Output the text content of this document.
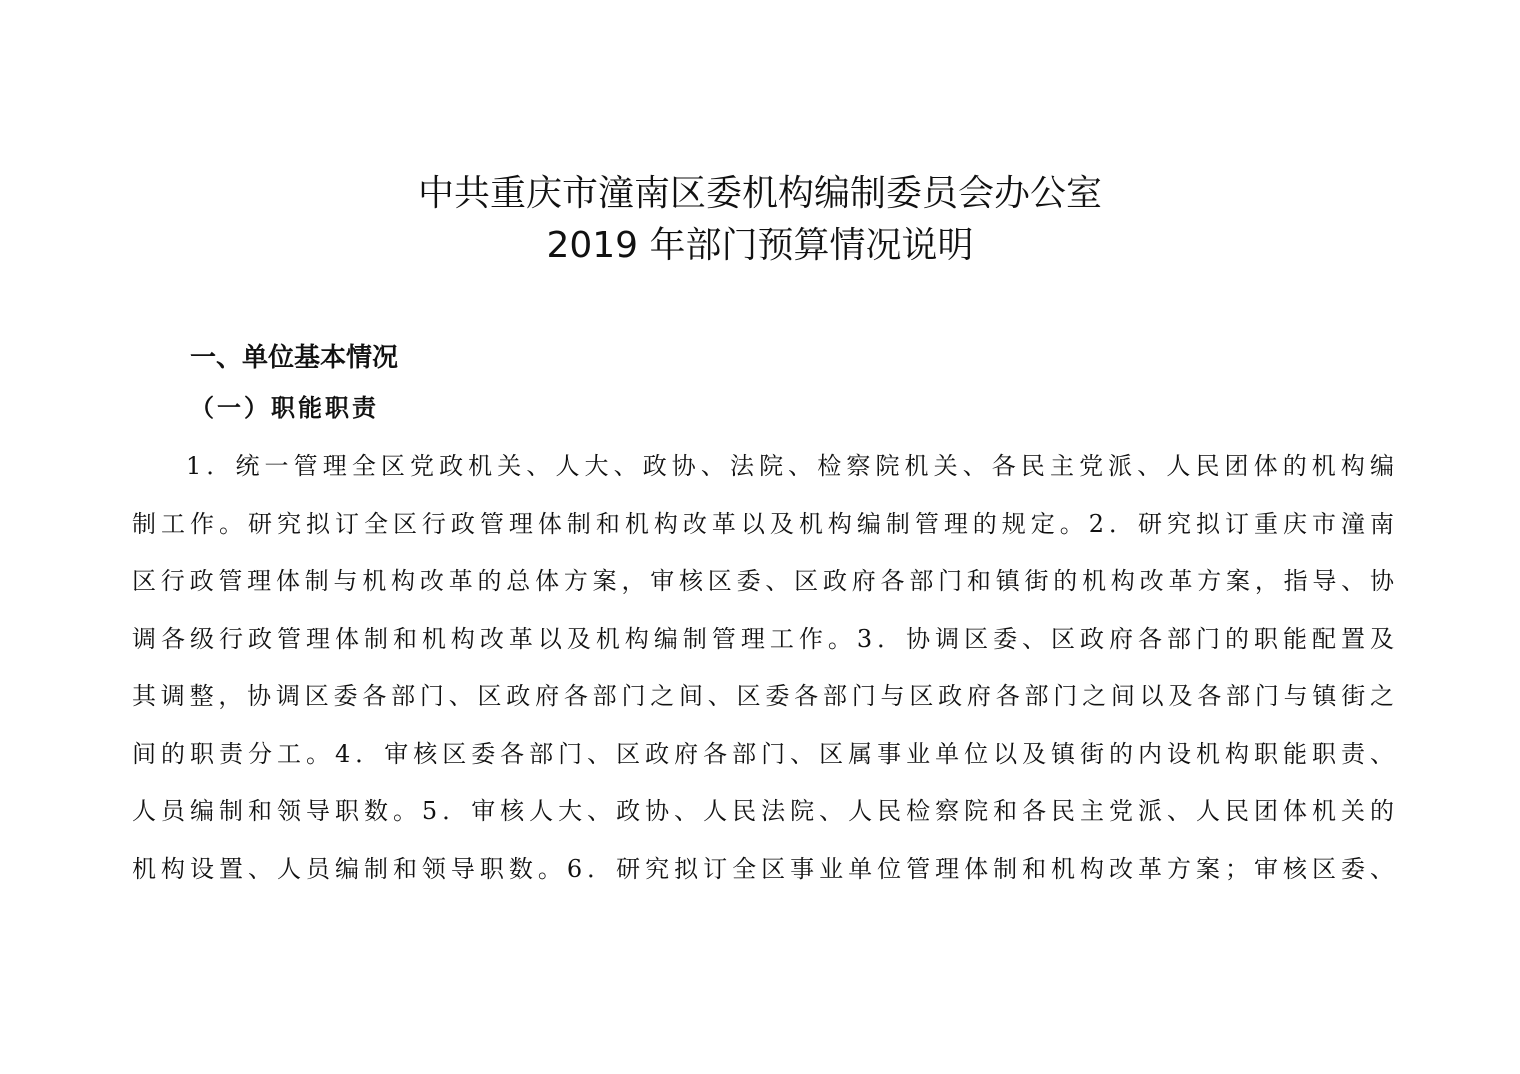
中共重庆市潼南区委机构编制委员会办公室
2019 年部门预算情况说明
一、单位基本情况
（一）职能职责
1．统一管理全区党政机关、人大、政协、法院、检察院机关、各民主党派、人民团体的机构编
制工作。研究拟订全区行政管理体制和机构改革以及机构编制管理的规定。2．研究拟订重庆市潼南
区行政管理体制与机构改革的总体方案，审核区委、区政府各部门和镇街的机构改革方案，指导、协
调各级行政管理体制和机构改革以及机构编制管理工作。3．协调区委、区政府各部门的职能配置及
其调整，协调区委各部门、区政府各部门之间、区委各部门与区政府各部门之间以及各部门与镇街之
间的职责分工。4．审核区委各部门、区政府各部门、区属事业单位以及镇街的内设机构职能职责、
人员编制和领导职数。5．审核人大、政协、人民法院、人民检察院和各民主党派、人民团体机关的
机构设置、人员编制和领导职数。6．研究拟订全区事业单位管理体制和机构改革方案；审核区委、
